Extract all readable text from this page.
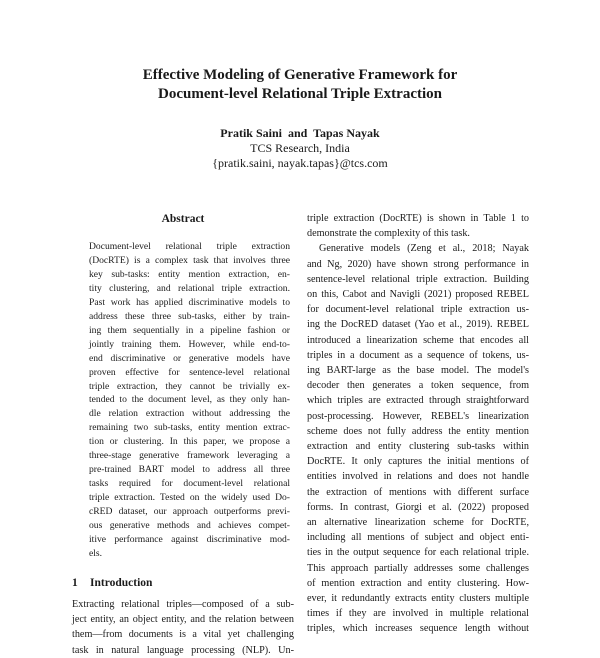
Effective Modeling of Generative Framework for
Document-level Relational Triple Extraction
Pratik Saini  and  Tapas Nayak
TCS Research, India
{pratik.saini, nayak.tapas}@tcs.com
Abstract
Document-level relational triple extraction
(DocRTE) is a complex task that involves three
key sub-tasks: entity mention extraction, en-
tity clustering, and relational triple extraction.
Past work has applied discriminative models to
address these three sub-tasks, either by train-
ing them sequentially in a pipeline fashion or
jointly training them. However, while end-to-
end discriminative or generative models have
proven effective for sentence-level relational
triple extraction, they cannot be trivially ex-
tended to the document level, as they only han-
dle relation extraction without addressing the
remaining two sub-tasks, entity mention extrac-
tion or clustering. In this paper, we propose a
three-stage generative framework leveraging a
pre-trained BART model to address all three
tasks required for document-level relational
triple extraction. Tested on the widely used Do-
cRED dataset, our approach outperforms previ-
ous generative methods and achieves compet-
itive performance against discriminative mod-
els.
1 Introduction
Extracting relational triples—composed of a sub-
ject entity, an object entity, and the relation between
them—from documents is a vital yet challenging
task in natural language processing (NLP). Un-
triple extraction (DocRTE) is shown in Table 1 to
demonstrate the complexity of this task.
Generative models (Zeng et al., 2018; Nayak
and Ng, 2020) have shown strong performance in
sentence-level relational triple extraction. Building
on this, Cabot and Navigli (2021) proposed REBEL
for document-level relational triple extraction us-
ing the DocRED dataset (Yao et al., 2019). REBEL
introduced a linearization scheme that encodes all
triples in a document as a sequence of tokens, us-
ing BART-large as the base model. The model's
decoder then generates a token sequence, from
which triples are extracted through straightforward
post-processing. However, REBEL's linearization
scheme does not fully address the entity mention
extraction and entity clustering sub-tasks within
DocRTE. It only captures the initial mentions of
entities involved in relations and does not handle
the extraction of mentions with different surface
forms. In contrast, Giorgi et al. (2022) proposed
an alternative linearization scheme for DocRTE,
including all mentions of subject and object enti-
ties in the output sequence for each relational triple.
This approach partially addresses some challenges
of mention extraction and entity clustering. How-
ever, it redundantly extracts entity clusters multiple
times if they are involved in multiple relational
triples, which increases sequence length without
